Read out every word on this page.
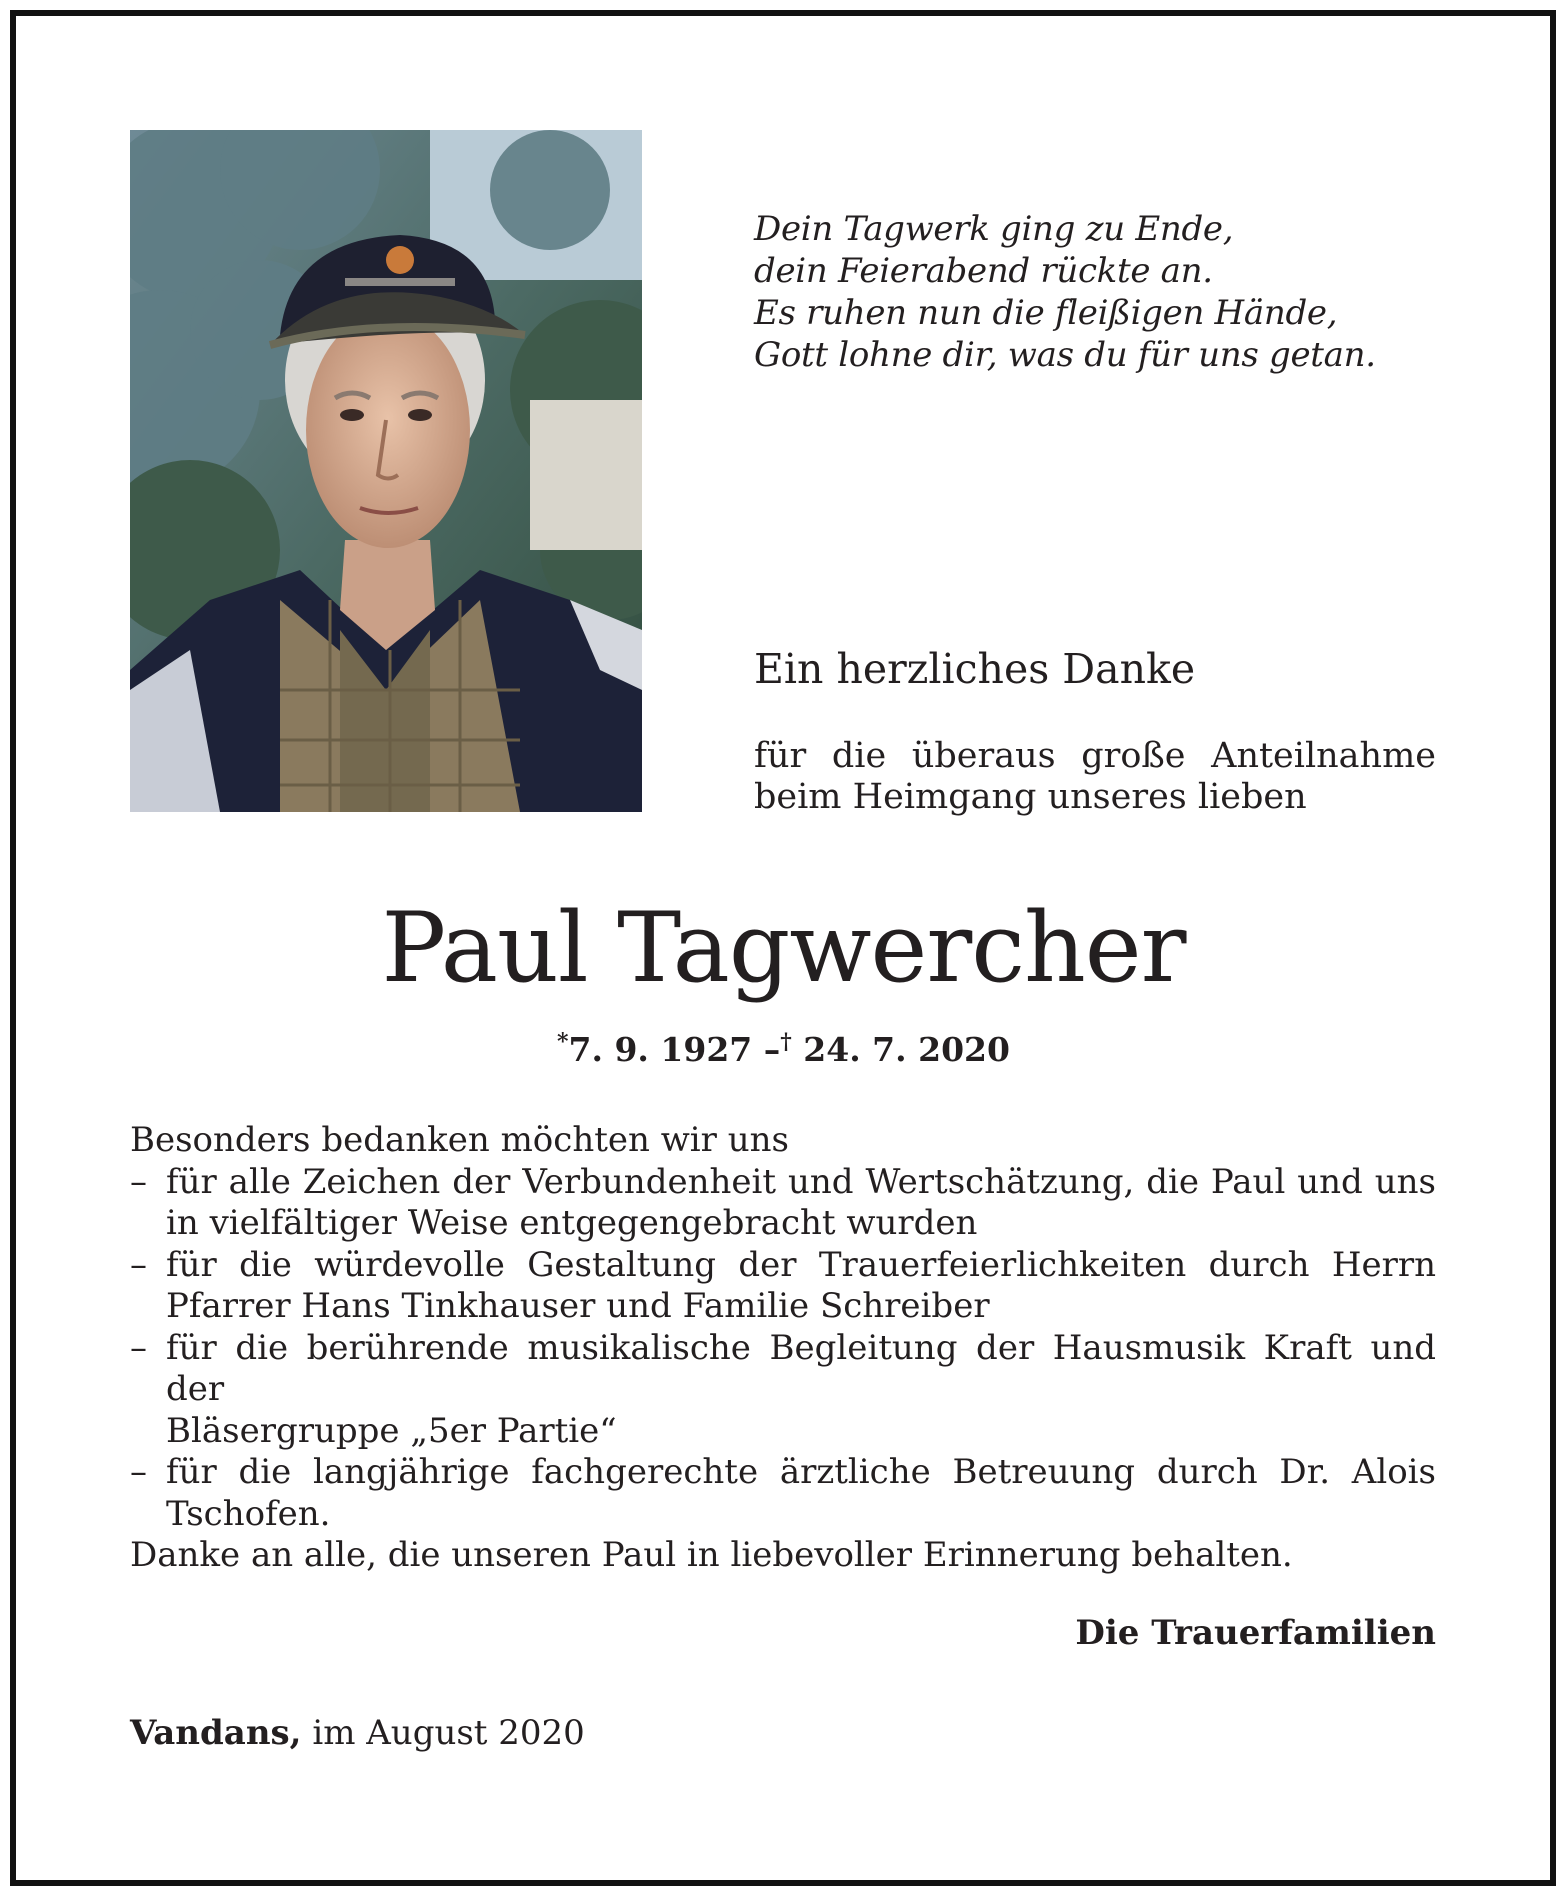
Dein Tagwerk ging zu Ende,
dein Feierabend rückte an.
Es ruhen nun die fleißigen Hände,
Gott lohne dir, was du für uns getan.
Ein herzliches Danke
für die überaus große Anteilnahme
beim Heimgang unseres lieben
Paul Tagwercher
*7. 9. 1927 –† 24. 7. 2020
Besonders bedanken möchten wir uns
– für alle Zeichen der Verbundenheit und Wertschätzung, die Paul und uns
in vielfältiger Weise entgegengebracht wurden
– für die würdevolle Gestaltung der Trauerfeierlichkeiten durch Herrn
Pfarrer Hans Tinkhauser und Familie Schreiber
– für die berührende musikalische Begleitung der Hausmusik Kraft und der
Bläsergruppe „5er Partie“
– für die langjährige fachgerechte ärztliche Betreuung durch Dr. Alois
Tschofen.
Danke an alle, die unseren Paul in liebevoller Erinnerung behalten.
Die Trauerfamilien
Vandans, im August 2020
